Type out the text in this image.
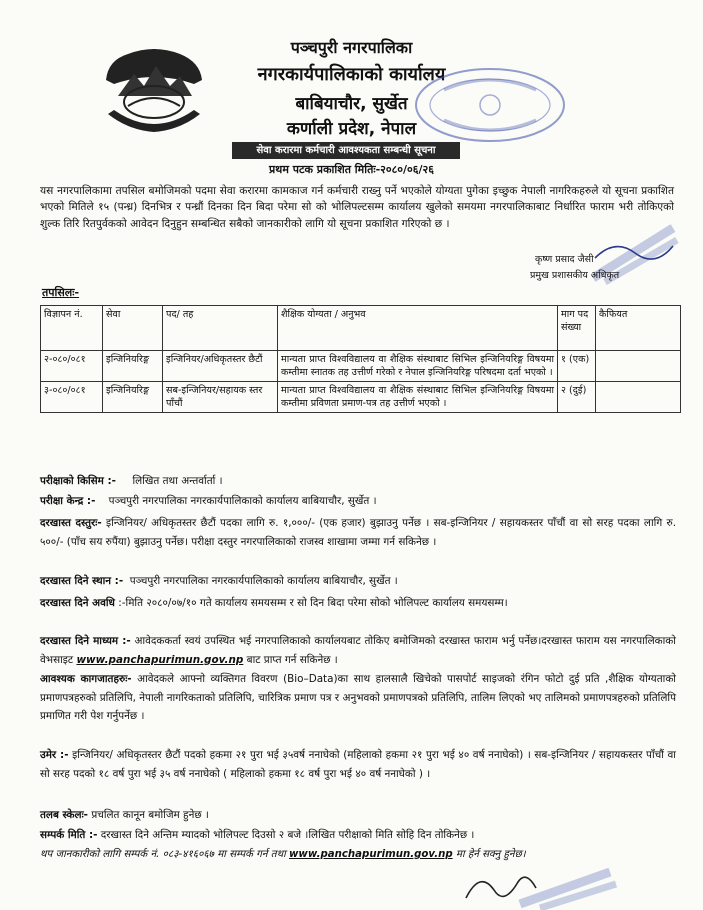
पञ्चपुरी नगरपालिका
नगरकार्यपालिकाको कार्यालय
बाबियाचौर, सुर्खेत
कर्णाली प्रदेश, नेपाल
सेवा करारमा कर्मचारी आवश्यकता सम्बन्धी सूचना
प्रथम पटक प्रकाशित मितिः-२०८०/०६/२६
यस नगरपालिकामा तपसिल बमोजिमको पदमा सेवा करारमा कामकाज गर्न कर्मचारी राख्नु पर्ने भएकोले योग्यता पुगेका इच्छुक नेपाली नागरिकहरुले यो सूचना प्रकाशित भएको मितिले १५ (पन्ध्र) दिनभित्र र पन्ध्रौं दिनका दिन बिदा परेमा सो को भोलिपल्टसम्म कार्यालय खुलेको समयमा नगरपालिकाबाट निर्धारित फाराम भरी तोकिएको शुल्क तिरि रितपुर्वकको आवेदन दिनुहुन सम्बन्धित सबैको जानकारीको लागि यो सूचना प्रकाशित गरिएको छ ।
कृष्ण प्रसाद जैसी
प्रमुख प्रशासकीय अधिकृत
तपसिलः-
विज्ञापन नं.	सेवा	पद/ तह	शैक्षिक योग्यता / अनुभव	माग पद संख्या	कैफियत
२-०८०/०८१	इन्जिनियरिङ्ग	इन्जिनियर/अधिकृतस्तर छैटौं	मान्यता प्राप्त विश्वविद्यालय वा शैक्षिक संस्थाबाट सिभिल इन्जिनियरिङ्ग विषयमा कम्तीमा स्नातक तह उत्तीर्ण गरेको र नेपाल इन्जिनियरिङ्ग परिषदमा दर्ता भएको ।	१ (एक)	
३-०८०/०८१	इन्जिनियरिङ्ग	सब-इन्जिनियर/सहायक स्तर पाँचौं	मान्यता प्राप्त विश्वविद्यालय वा शैक्षिक संस्थाबाट सिभिल इन्जिनियरिङ्ग विषयमा कम्तीमा प्रविणता प्रमाण-पत्र तह उत्तीर्ण भएको ।	२ (दुई)	
परीक्षाको किसिम :- लिखित तथा अन्तर्वार्ता ।
परीक्षा केन्द्र :- पञ्चपुरी नगरपालिका नगरकार्यपालिकाको कार्यालय बाबियाचौर, सुर्खेत ।
दरखास्त दस्तुरः- इन्जिनियर/ अधिकृतस्तर छैटौं पदका लागि रु. १,०००/- (एक हजार) बुझाउनु पर्नेछ । सब-इन्जिनियर / सहायकस्तर पाँचौं वा सो सरह पदका लागि रु. ५००/- (पाँच सय रुपैंया) बुझाउनु पर्नेछ। परीक्षा दस्तुर नगरपालिकाको राजस्व शाखामा जम्मा गर्न सकिनेछ ।
दरखास्त दिने स्थान :- पञ्चपुरी नगरपालिका नगरकार्यपालिकाको कार्यालय बाबियाचौर, सुर्खेत ।
दरखास्त दिने अवधि :-मिति २०८०/०७/१० गते कार्यालय समयसम्म र सो दिन बिदा परेमा सोको भोलिपल्ट कार्यालय समयसम्म।
दरखास्त दिने माध्यम :- आवेदककर्ता स्वयं उपस्थित भई नगरपालिकाको कार्यालयबाट तोकिए बमोजिमको दरखास्त फाराम भर्नु पर्नेछ।दरखास्त फाराम यस नगरपालिकाको वेभसाइट www.panchapurimun.gov.np बाट प्राप्त गर्न सकिनेछ ।
आवश्यक कागजातहरुः- आवेदकले आफ्नो व्यक्तिगत विवरण (Bio–Data)का साथ हालसालै खिचेको पासपोर्ट साइजको रंगिन फोटो दुई प्रति ,शैक्षिक योग्यताको प्रमाणपत्रहरुको प्रतिलिपि, नेपाली नागरिकताको प्रतिलिपि, चारित्रिक प्रमाण पत्र र अनुभवको प्रमाणपत्रको प्रतिलिपि, तालिम लिएको भए तालिमको प्रमाणपत्रहरुको प्रतिलिपि प्रमाणित गरी पेश गर्नुपर्नेछ ।
उमेर :- इन्जिनियर/ अधिकृतस्तर छैटौं पदको हकमा २१ पुरा भई ३५वर्ष ननाघेको (महिलाको हकमा २१ पुरा भई ४० वर्ष ननाघेको) । सब-इन्जिनियर / सहायकस्तर पाँचौं वा सो सरह पदको १८ वर्ष पुरा भई ३५ वर्ष ननाघेको ( महिलाको हकमा १८ वर्ष पुरा भई ४० वर्ष ननाघेको ) ।
तलब स्केलः- प्रचलित कानून बमोजिम हुनेछ ।
सम्पर्क मिति :- दरखास्त दिने अन्तिम म्यादको भोलिपल्ट दिउसो २ बजे ।लिखित परीक्षाको मिति सोहि दिन तोकिनेछ ।
थप जानकारीको लागि सम्पर्क नं. ०८३-४१६०६७ मा सम्पर्क गर्न तथा www.panchapurimun.gov.np मा हेर्न सक्नु हुनेछ।
